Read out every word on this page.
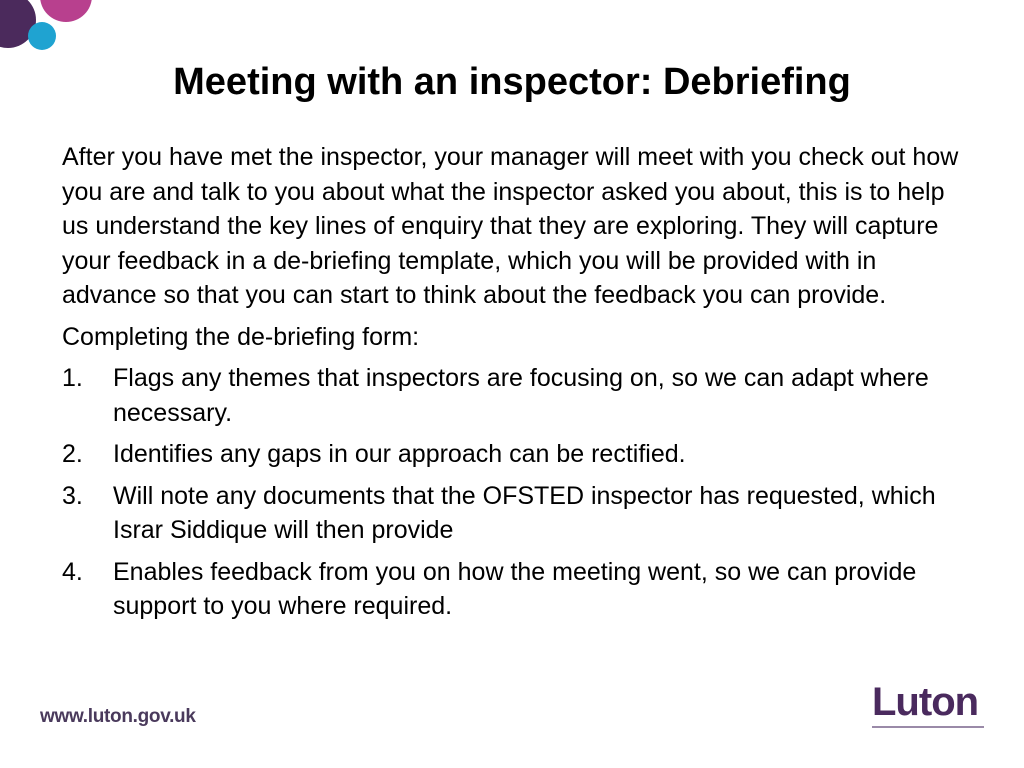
Meeting with an inspector: Debriefing

After you have met the inspector, your manager will meet with you check out how you are and talk to you about what the inspector asked you about, this is to help us understand the key lines of enquiry that they are exploring. They will capture your feedback in a de-briefing template, which you will be provided with in advance so that you can start to think about the feedback you can provide.

Completing the de-briefing form:

1. Flags any themes that inspectors are focusing on, so we can adapt where necessary.
2. Identifies any gaps in our approach can be rectified.
3. Will note any documents that the OFSTED inspector has requested, which Israr Siddique will then provide
4. Enables feedback from you on how the meeting went, so we can provide support to you where required.
www.luton.gov.uk	Luton
